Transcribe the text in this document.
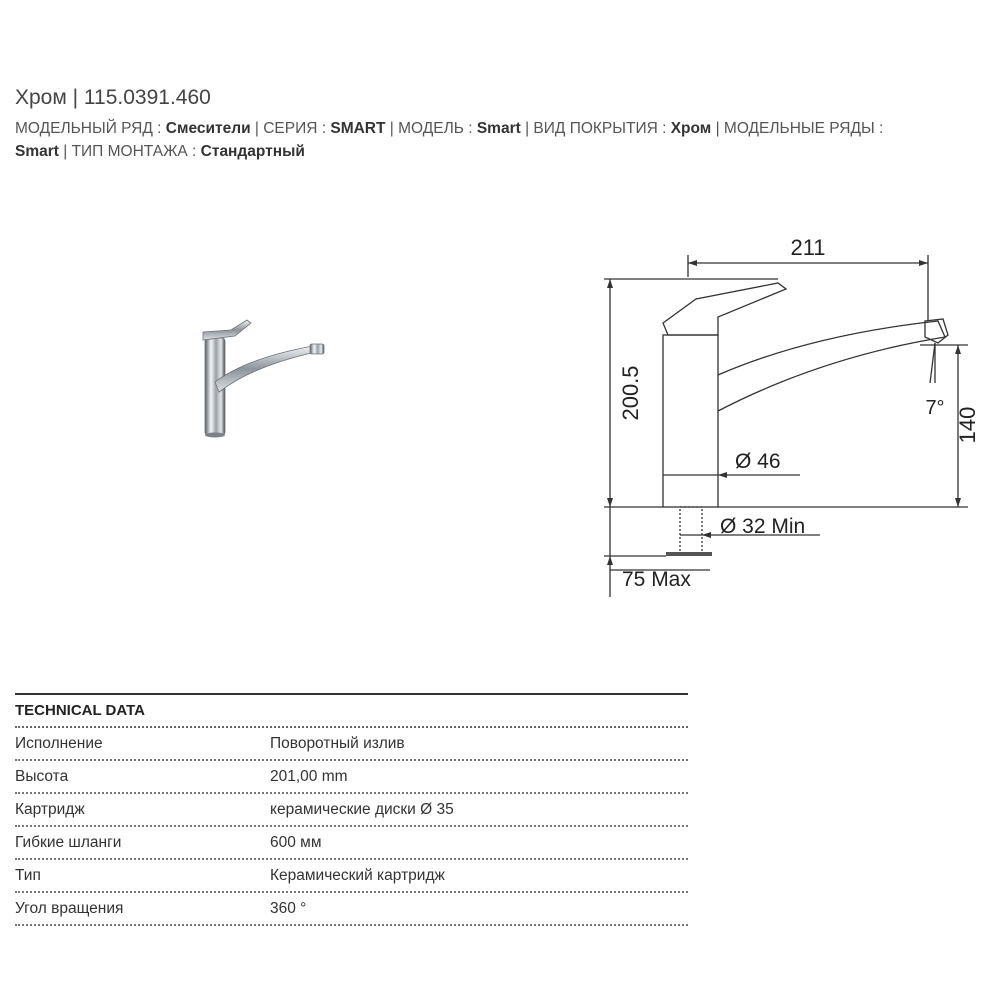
Хром | 115.0391.460
МОДЕЛЬНЫЙ РЯД : Смесители | СЕРИЯ : SMART | МОДЕЛЬ : Smart | ВИД ПОКРЫТИЯ : Хром | МОДЕЛЬНЫЕ РЯДЫ :
Smart | ТИП МОНТАЖА : Стандартный
211
200.5
140
7°
Ø 46
Ø 32 Min
75 Max
TECHNICAL DATA
Исполнение	Поворотный излив
Высота	201,00 mm
Картридж	керамические диски Ø 35
Гибкие шланги	600 мм
Тип	Керамический картридж
Угол вращения	360 °
